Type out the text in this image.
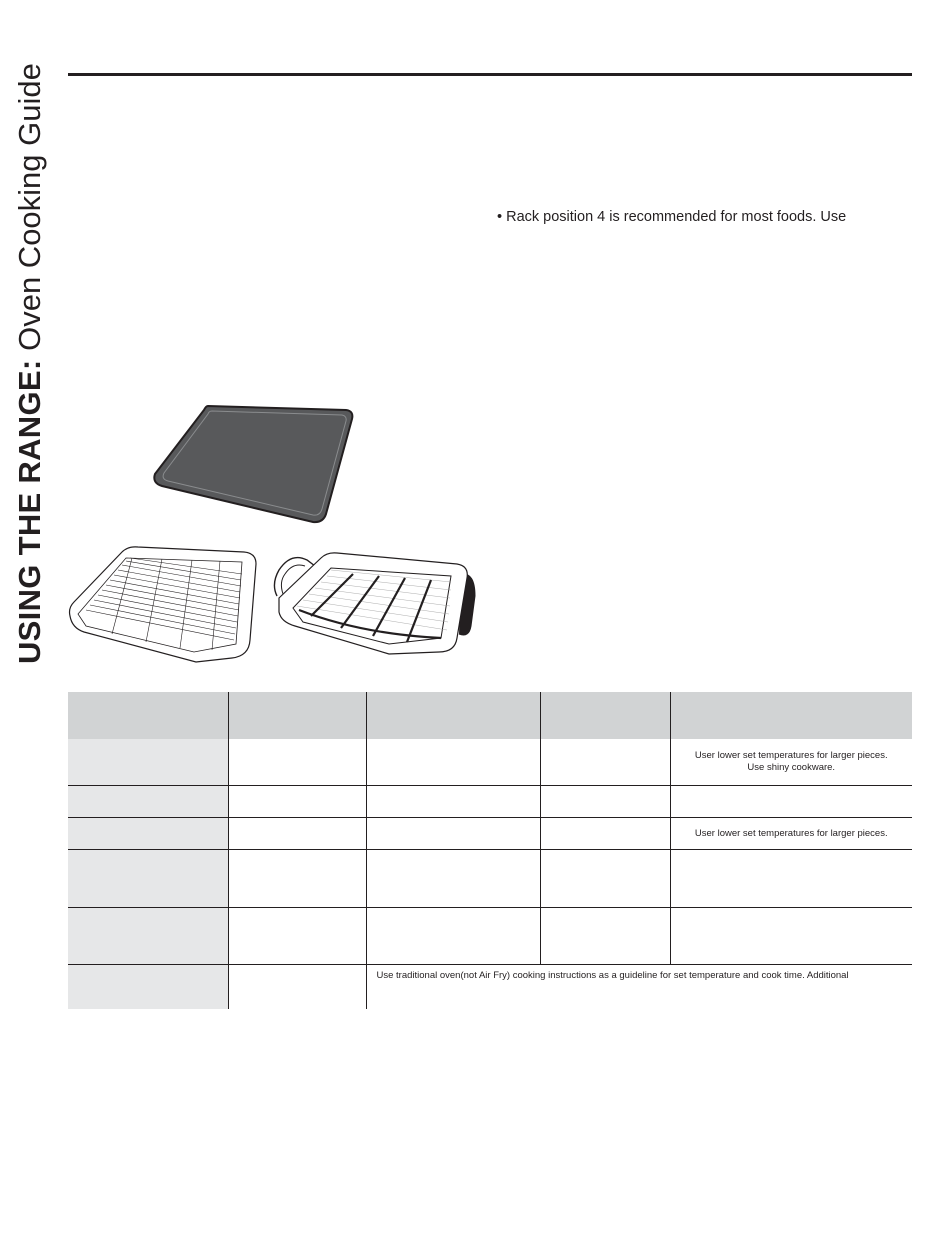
USING THE RANGE: Oven Cooking Guide	• Rack position 4 is recommended for most foods. Use

				User lower set temperatures for larger pieces.
Use shiny cookware.

				User lower set temperatures for larger pieces.

		Use traditional oven(not Air Fry) cooking instructions as a guideline for set temperature and cook time. Additional		
